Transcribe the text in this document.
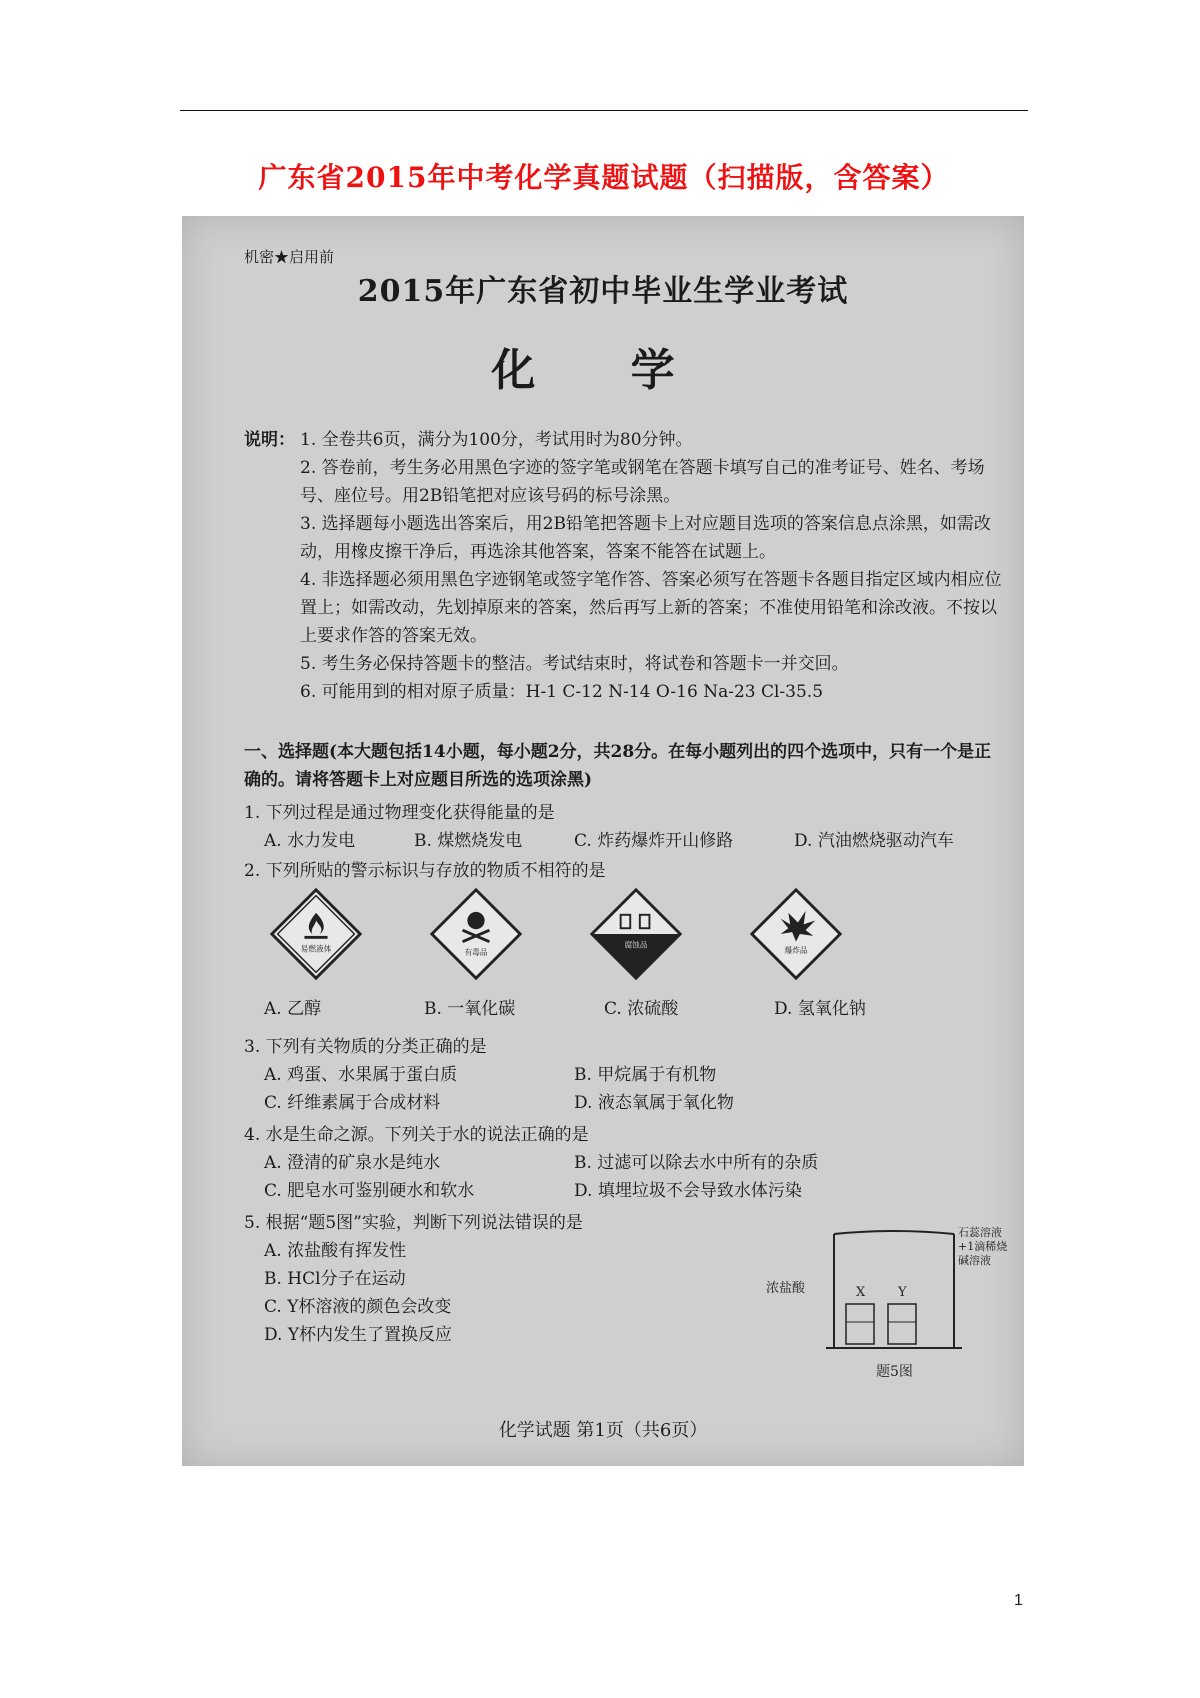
广东省2015年中考化学真题试题（扫描版，含答案）
机密★启用前
2015年广东省初中毕业生学业考试
化 学
说明： 1. 全卷共6页，满分为100分，考试用时为80分钟。
2. 答卷前，考生务必用黑色字迹的签字笔或钢笔在答题卡填写自己的准考证号、姓名、考场号、座位号。用2B铅笔把对应该号码的标号涂黑。
3. 选择题每小题选出答案后，用2B铅笔把答题卡上对应题目选项的答案信息点涂黑，如需改动，用橡皮擦干净后，再选涂其他答案，答案不能答在试题上。
4. 非选择题必须用黑色字迹钢笔或签字笔作答、答案必须写在答题卡各题目指定区域内相应位置上；如需改动，先划掉原来的答案，然后再写上新的答案；不准使用铅笔和涂改液。不按以上要求作答的答案无效。
5. 考生务必保持答题卡的整洁。考试结束时，将试卷和答题卡一并交回。
6. 可能用到的相对原子质量：H-1 C-12 N-14 O-16 Na-23 Cl-35.5
一、选择题(本大题包括14小题，每小题2分，共28分。在每小题列出的四个选项中，只有一个是正确的。请将答题卡上对应题目所选的选项涂黑)
1. 下列过程是通过物理变化获得能量的是
A. 水力发电	B. 煤燃烧发电	C. 炸药爆炸开山修路	D. 汽油燃烧驱动汽车
2. 下列所贴的警示标识与存放的物质不相符的是
易燃液体	有毒品
腐蚀品
爆炸品
A. 乙醇	B. 一氧化碳	C. 浓硫酸	D. 氢氧化钠
3. 下列有关物质的分类正确的是
A. 鸡蛋、水果属于蛋白质	B. 甲烷属于有机物
C. 纤维素属于合成材料	D. 液态氧属于氧化物
4. 水是生命之源。下列关于水的说法正确的是
A. 澄清的矿泉水是纯水	B. 过滤可以除去水中所有的杂质
C. 肥皂水可鉴别硬水和软水	D. 填埋垃圾不会导致水体污染
5. 根据“题5图”实验，判断下列说法错误的是
A. 浓盐酸有挥发性
B. HCl分子在运动
C. Y杯溶液的颜色会改变
D. Y杯内发生了置换反应
浓盐酸	X	Y
石蕊溶液+1滴稀烧碱溶液
题5图
化学试题 第1页（共6页）
1
